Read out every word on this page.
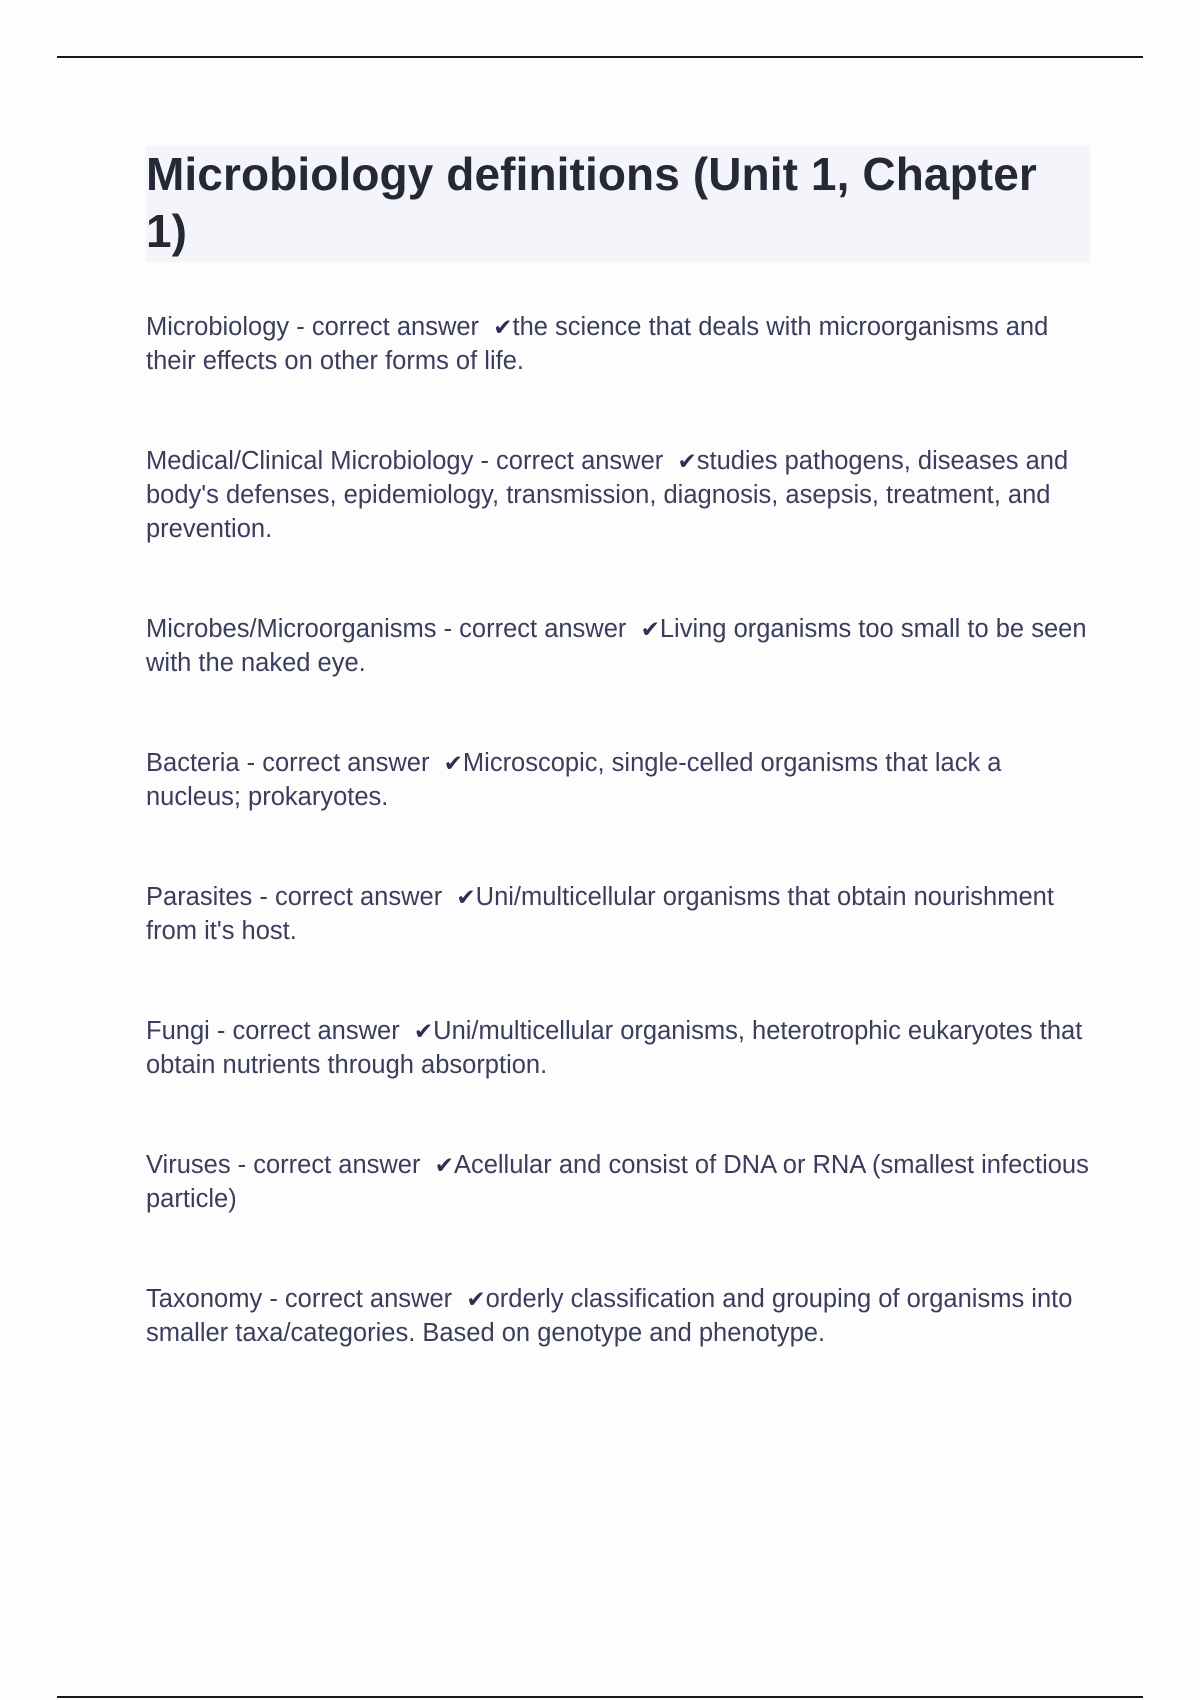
Microbiology definitions (Unit 1, Chapter 1)

Microbiology - correct answer ✔the science that deals with microorganisms and their effects on other forms of life.

Medical/Clinical Microbiology - correct answer ✔studies pathogens, diseases and body's defenses, epidemiology, transmission, diagnosis, asepsis, treatment, and prevention.

Microbes/Microorganisms - correct answer ✔Living organisms too small to be seen with the naked eye.

Bacteria - correct answer ✔Microscopic, single-celled organisms that lack a nucleus; prokaryotes.

Parasites - correct answer ✔Uni/multicellular organisms that obtain nourishment from it's host.

Fungi - correct answer ✔Uni/multicellular organisms, heterotrophic eukaryotes that obtain nutrients through absorption.

Viruses - correct answer ✔Acellular and consist of DNA or RNA (smallest infectious particle)

Taxonomy - correct answer ✔orderly classification and grouping of organisms into smaller taxa/categories. Based on genotype and phenotype.
